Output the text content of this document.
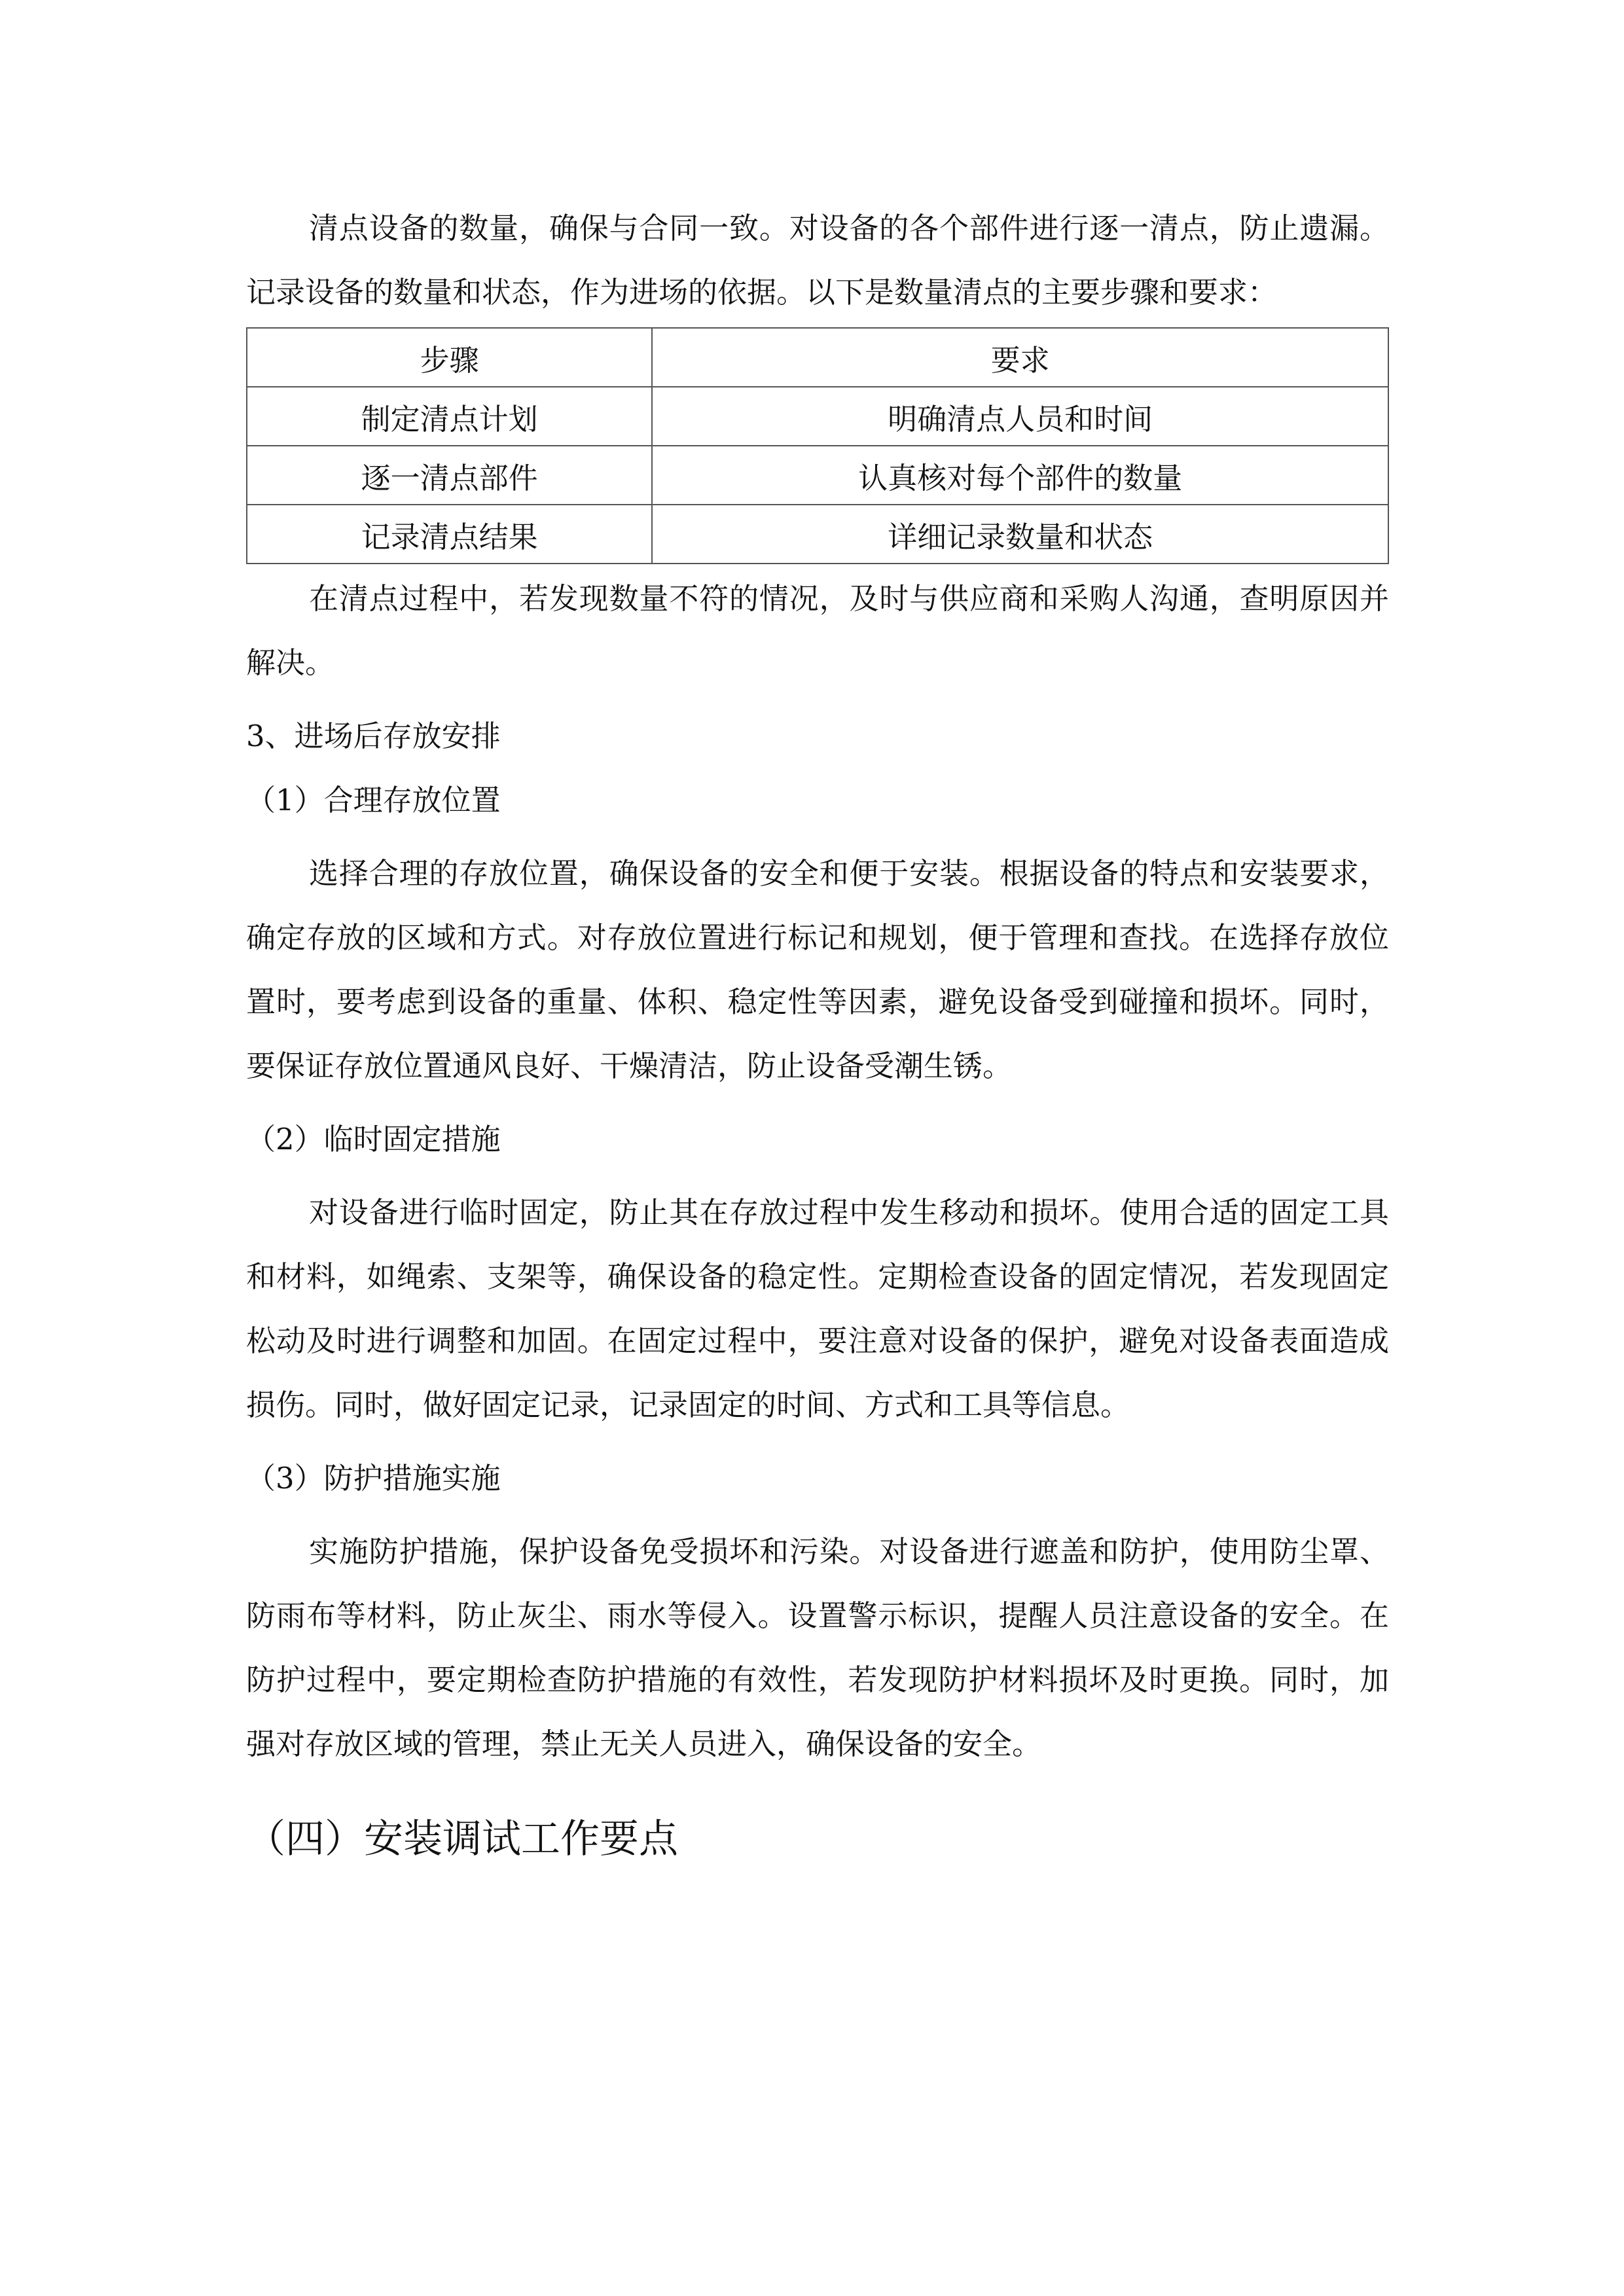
清点设备的数量，确保与合同一致。对设备的各个部件进行逐一清点，防止遗漏。记录设备的数量和状态，作为进场的依据。以下是数量清点的主要步骤和要求：

步骤	要求
制定清点计划	明确清点人员和时间
逐一清点部件	认真核对每个部件的数量
记录清点结果	详细记录数量和状态

在清点过程中，若发现数量不符的情况，及时与供应商和采购人沟通，查明原因并解决。

3、进场后存放安排

（1）合理存放位置

选择合理的存放位置，确保设备的安全和便于安装。根据设备的特点和安装要求，确定存放的区域和方式。对存放位置进行标记和规划，便于管理和查找。在选择存放位置时，要考虑到设备的重量、体积、稳定性等因素，避免设备受到碰撞和损坏。同时，要保证存放位置通风良好、干燥清洁，防止设备受潮生锈。

（2）临时固定措施

对设备进行临时固定，防止其在存放过程中发生移动和损坏。使用合适的固定工具和材料，如绳索、支架等，确保设备的稳定性。定期检查设备的固定情况，若发现固定松动及时进行调整和加固。在固定过程中，要注意对设备的保护，避免对设备表面造成损伤。同时，做好固定记录，记录固定的时间、方式和工具等信息。

（3）防护措施实施

实施防护措施，保护设备免受损坏和污染。对设备进行遮盖和防护，使用防尘罩、防雨布等材料，防止灰尘、雨水等侵入。设置警示标识，提醒人员注意设备的安全。在防护过程中，要定期检查防护措施的有效性，若发现防护材料损坏及时更换。同时，加强对存放区域的管理，禁止无关人员进入，确保设备的安全。

（四）安装调试工作要点
